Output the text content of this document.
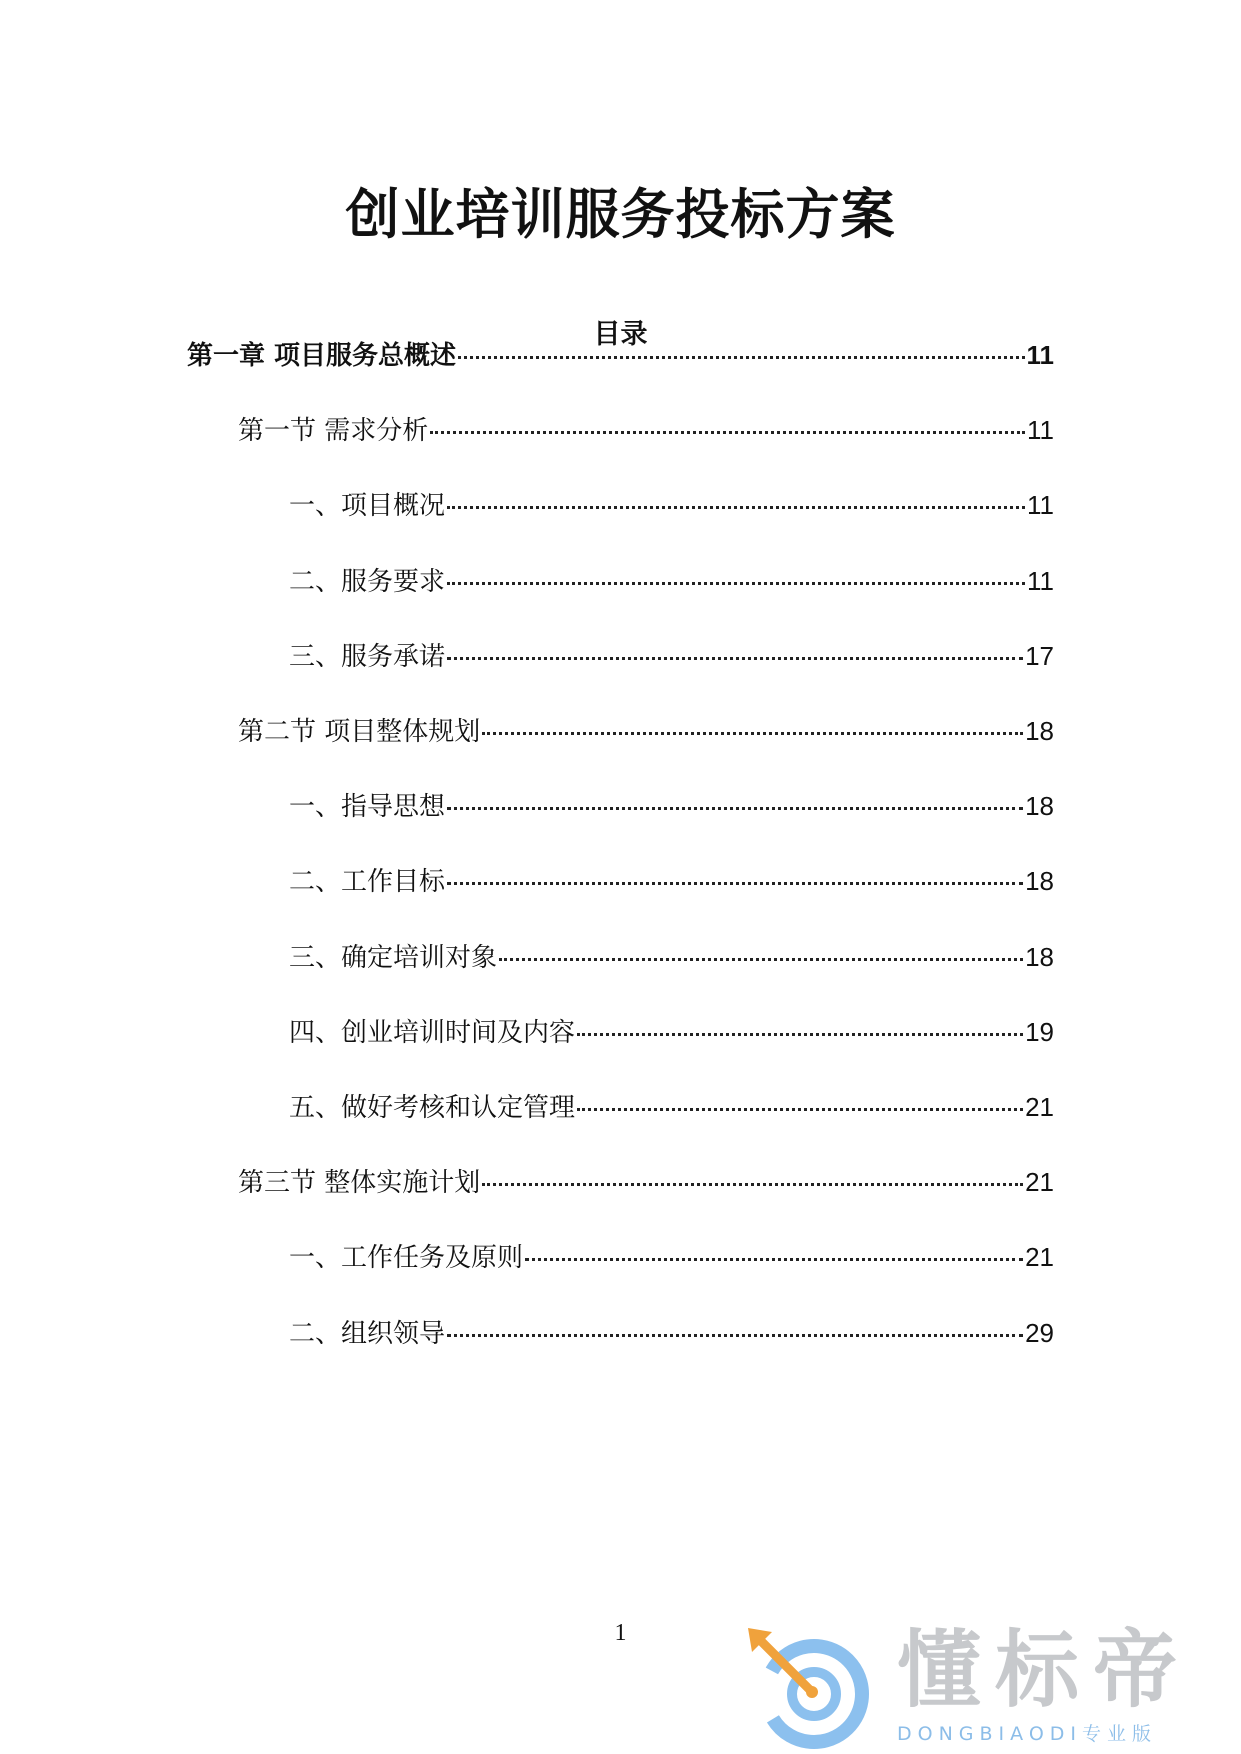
创业培训服务投标方案
目录
第一章 项目服务总概述	11
第一节 需求分析	11
一、项目概况	11
二、服务要求	11
三、服务承诺	17
第二节 项目整体规划	18
一、指导思想	18
二、工作目标	18
三、确定培训对象	18
四、创业培训时间及内容	19
五、做好考核和认定管理	21
第三节 整体实施计划	21
一、工作任务及原则	21
二、组织领导	29
1	懂标帝
DONGBIAODI专业版
